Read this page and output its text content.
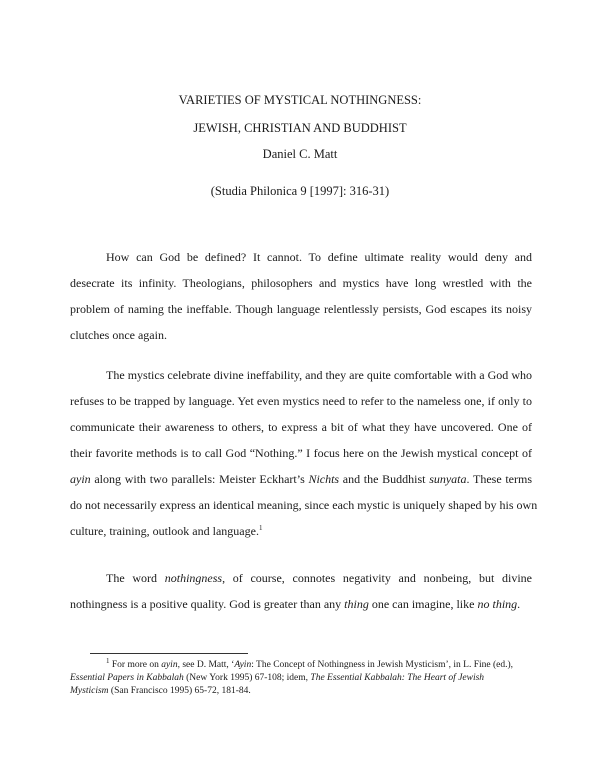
VARIETIES OF MYSTICAL NOTHINGNESS:
JEWISH, CHRISTIAN AND BUDDHIST
Daniel C. Matt
(Studia Philonica 9 [1997]: 316-31)

How can God be defined? It cannot. To define ultimate reality would deny and
desecrate its infinity. Theologians, philosophers and mystics have long wrestled with the
problem of naming the ineffable. Though language relentlessly persists, God escapes its noisy
clutches once again.

The mystics celebrate divine ineffability, and they are quite comfortable with a God who
refuses to be trapped by language. Yet even mystics need to refer to the nameless one, if only to
communicate their awareness to others, to express a bit of what they have uncovered. One of
their favorite methods is to call God “Nothing.” I focus here on the Jewish mystical concept of
ayin along with two parallels: Meister Eckhart’s Nichts and the Buddhist sunyata. These terms
do not necessarily express an identical meaning, since each mystic is uniquely shaped by his own
culture, training, outlook and language.$^1$

The word nothingness, of course, connotes negativity and nonbeing, but divine
nothingness is a positive quality. God is greater than any thing one can imagine, like no thing.

$^1$ For more on ayin, see D. Matt, ‘Ayin: The Concept of Nothingness in Jewish Mysticism’, in L. Fine (ed.),
Essential Papers in Kabbalah (New York 1995) 67-108; idem, The Essential Kabbalah: The Heart of Jewish
Mysticism (San Francisco 1995) 65-72, 181-84.
